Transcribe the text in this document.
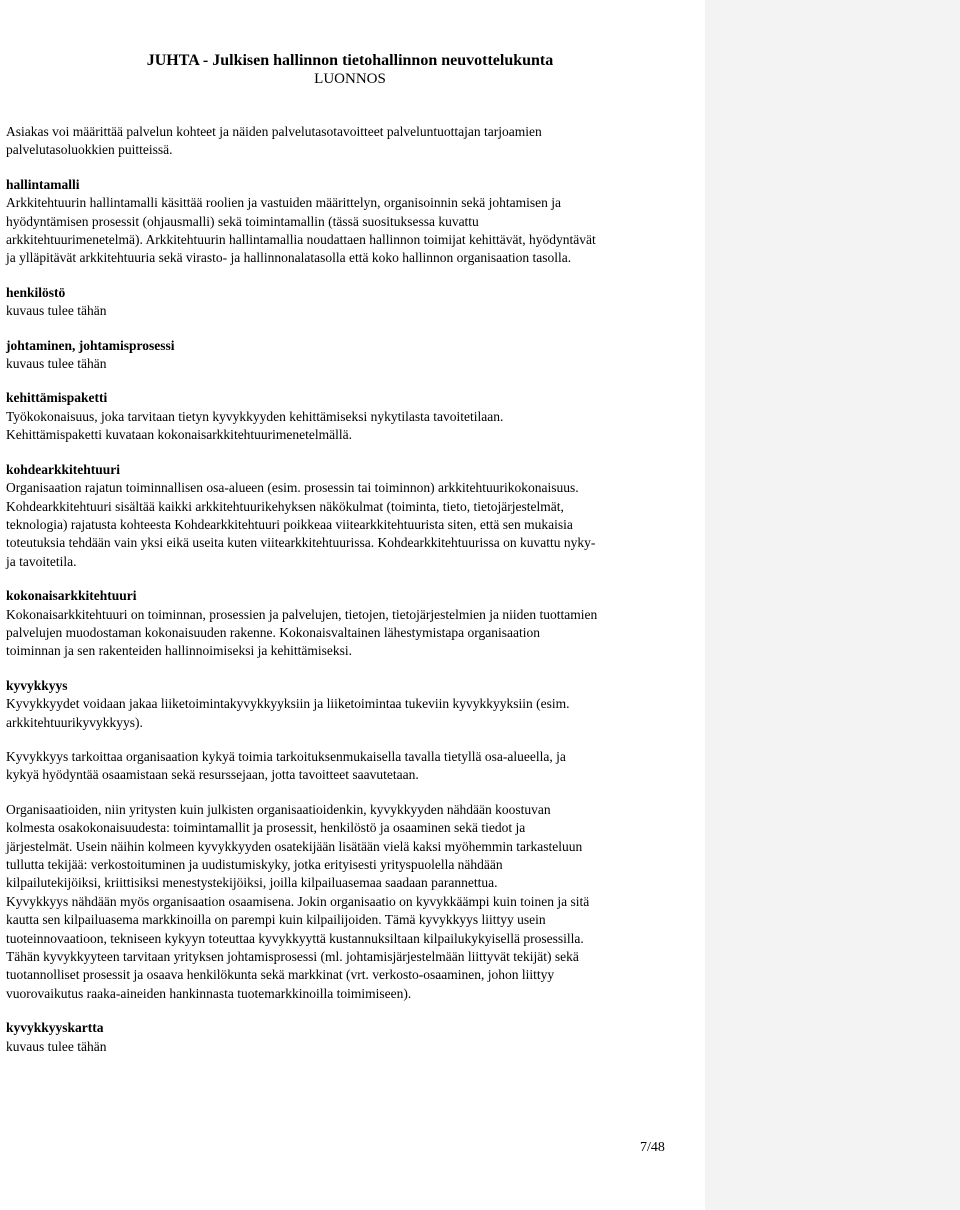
JUHTA - Julkisen hallinnon tietohallinnon neuvottelukunta
LUONNOS

Asiakas voi määrittää palvelun kohteet ja näiden palvelutasotavoitteet palveluntuottajan tarjoamien
palvelutasoluokkien puitteissä.

hallintamalli
Arkkitehtuurin hallintamalli käsittää roolien ja vastuiden määrittelyn, organisoinnin sekä johtamisen ja
hyödyntämisen prosessit (ohjausmalli) sekä toimintamallin (tässä suosituksessa kuvattu
arkkitehtuurimenetelmä). Arkkitehtuurin hallintamallia noudattaen hallinnon toimijat kehittävät, hyödyntävät
ja ylläpitävät arkkitehtuuria sekä virasto- ja hallinnonalatasolla että koko hallinnon organisaation tasolla.

henkilöstö
kuvaus tulee tähän

johtaminen, johtamisprosessi
kuvaus tulee tähän

kehittämispaketti
Työkokonaisuus, joka tarvitaan tietyn kyvykkyyden kehittämiseksi nykytilasta tavoitetilaan.
Kehittämispaketti kuvataan kokonaisarkkitehtuurimenetelmällä.

kohdearkkitehtuuri
Organisaation rajatun toiminnallisen osa-alueen (esim. prosessin tai toiminnon) arkkitehtuurikokonaisuus.
Kohdearkkitehtuuri sisältää kaikki arkkitehtuurikehyksen näkökulmat (toiminta, tieto, tietojärjestelmät,
teknologia) rajatusta kohteesta Kohdearkkitehtuuri poikkeaa viitearkkitehtuurista siten, että sen mukaisia
toteutuksia tehdään vain yksi eikä useita kuten viitearkkitehtuurissa. Kohdearkkitehtuurissa on kuvattu nyky-
ja tavoitetila.

kokonaisarkkitehtuuri
Kokonaisarkkitehtuuri on toiminnan, prosessien ja palvelujen, tietojen, tietojärjestelmien ja niiden tuottamien
palvelujen muodostaman kokonaisuuden rakenne. Kokonaisvaltainen lähestymistapa organisaation
toiminnan ja sen rakenteiden hallinnoimiseksi ja kehittämiseksi.

kyvykkyys
Kyvykkyydet voidaan jakaa liiketoimintakyvykkyyksiin ja liiketoimintaa tukeviin kyvykkyyksiin (esim.
arkkitehtuurikyvykkyys).

Kyvykkyys tarkoittaa organisaation kykyä toimia tarkoituksenmukaisella tavalla tietyllä osa-alueella, ja
kykyä hyödyntää osaamistaan sekä resurssejaan, jotta tavoitteet saavutetaan.

Organisaatioiden, niin yritysten kuin julkisten organisaatioidenkin, kyvykkyyden nähdään koostuvan
kolmesta osakokonaisuudesta: toimintamallit ja prosessit, henkilöstö ja osaaminen sekä tiedot ja
järjestelmät. Usein näihin kolmeen kyvykkyyden osatekijään lisätään vielä kaksi myöhemmin tarkasteluun
tullutta tekijää: verkostoituminen ja uudistumiskyky, jotka erityisesti yrityspuolella nähdään
kilpailutekijöiksi, kriittisiksi menestystekijöiksi, joilla kilpailuasemaa saadaan parannettua.
Kyvykkyys nähdään myös organisaation osaamisena. Jokin organisaatio on kyvykkäämpi kuin toinen ja sitä
kautta sen kilpailuasema markkinoilla on parempi kuin kilpailijoiden. Tämä kyvykkyys liittyy usein
tuoteinnovaatioon, tekniseen kykyyn toteuttaa kyvykkyyttä kustannuksiltaan kilpailukykyisellä prosessilla.
Tähän kyvykkyyteen tarvitaan yrityksen johtamisprosessi (ml. johtamisjärjestelmään liittyvät tekijät) sekä
tuotannolliset prosessit ja osaava henkilökunta sekä markkinat (vrt. verkosto-osaaminen, johon liittyy
vuorovaikutus raaka-aineiden hankinnasta tuotemarkkinoilla toimimiseen).

kyvykkyyskartta
kuvaus tulee tähän

7/48
